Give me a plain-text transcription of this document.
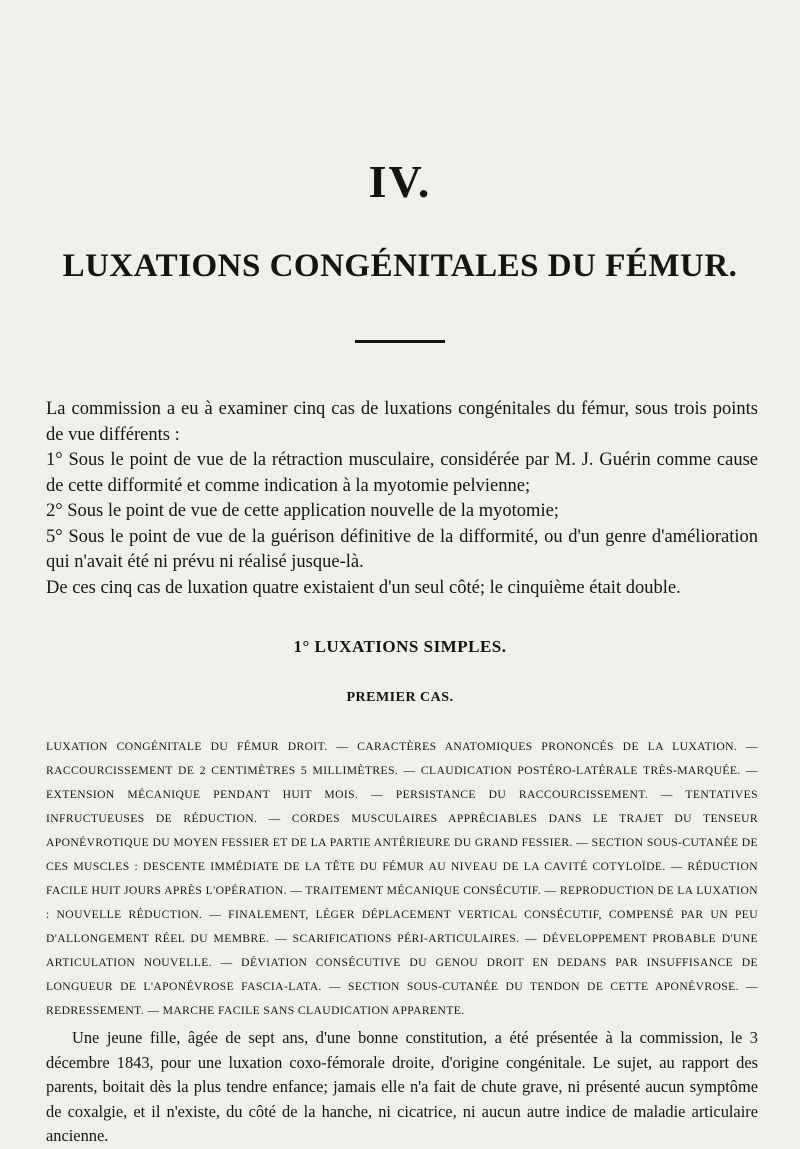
IV.
LUXATIONS CONGÉNITALES DU FÉMUR.

La commission a eu à examiner cinq cas de luxations congénitales du fémur, sous trois points de vue différents :

1° Sous le point de vue de la rétraction musculaire, considérée par M. J. Guérin comme cause de cette difformité et comme indication à la myotomie pelvienne;

2° Sous le point de vue de cette application nouvelle de la myotomie;

5° Sous le point de vue de la guérison définitive de la difformité, ou d'un genre d'amélioration qui n'avait été ni prévu ni réalisé jusque-là.

De ces cinq cas de luxation quatre existaient d'un seul côté; le cinquième était double.

1° LUXATIONS SIMPLES.
PREMIER CAS.
LUXATION CONGÉNITALE DU FÉMUR DROIT. — CARACTÈRES ANATOMIQUES PRONONCÉS DE LA LUXATION. — RACCOURCISSEMENT DE 2 CENTIMÈTRES 5 MILLIMÈTRES. — CLAUDICATION POSTÉRO-LATÉRALE TRÈS-MARQUÉE. — EXTENSION MÉCANIQUE PENDANT HUIT MOIS. — PERSISTANCE DU RACCOURCISSEMENT. — TENTATIVES INFRUCTUEUSES DE RÉDUCTION. — CORDES MUSCULAIRES APPRÉCIABLES DANS LE TRAJET DU TENSEUR APONÉVROTIQUE DU MOYEN FESSIER ET DE LA PARTIE ANTÉRIEURE DU GRAND FESSIER. — SECTION SOUS-CUTANÉE DE CES MUSCLES : DESCENTE IMMÉDIATE DE LA TÊTE DU FÉMUR AU NIVEAU DE LA CAVITÉ COTYLOÏDE. — RÉDUCTION FACILE HUIT JOURS APRÈS L'OPÉRATION. — TRAITEMENT MÉCANIQUE CONSÉCUTIF. — REPRODUCTION DE LA LUXATION : NOUVELLE RÉDUCTION. — FINALEMENT, LÉGER DÉPLACEMENT VERTICAL CONSÉCUTIF, COMPENSÉ PAR UN PEU D'ALLONGEMENT RÉEL DU MEMBRE. — SCARIFICATIONS PÉRI-ARTICULAIRES. — DÉVELOPPEMENT PROBABLE D'UNE ARTICULATION NOUVELLE. — DÉVIATION CONSÉCUTIVE DU GENOU DROIT EN DEDANS PAR INSUFFISANCE DE LONGUEUR DE L'APONÉVROSE FASCIA-LATA. — SECTION SOUS-CUTANÉE DU TENDON DE CETTE APONÉVROSE. — REDRESSEMENT. — MARCHE FACILE SANS CLAUDICATION APPARENTE.
Une jeune fille, âgée de sept ans, d'une bonne constitution, a été présentée à la commission, le 3 décembre 1843, pour une luxation coxo-fémorale droite, d'origine congénitale. Le sujet, au rapport des parents, boitait dès la plus tendre enfance; jamais elle n'a fait de chute grave, ni présenté aucun symptôme de coxalgie, et il n'existe, du côté de la hanche, ni cicatrice, ni aucun autre indice de maladie articulaire ancienne.
